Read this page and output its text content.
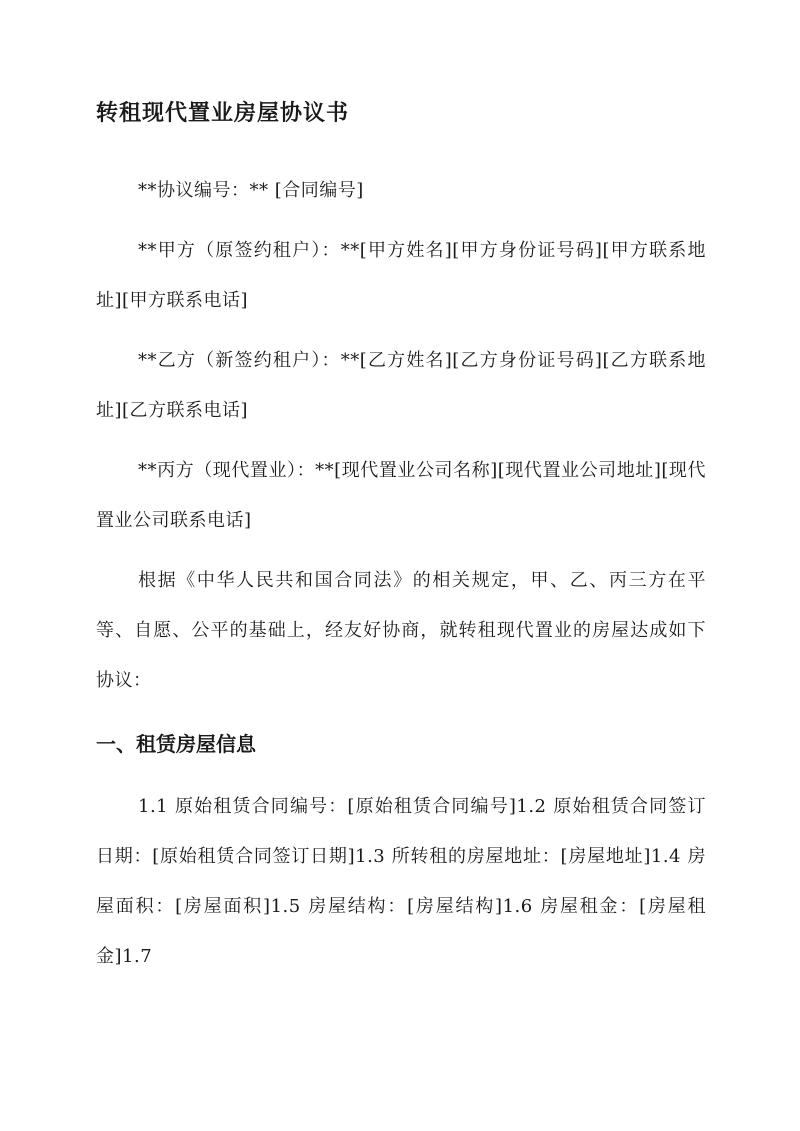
转租现代置业房屋协议书

**协议编号：** [合同编号]

**甲方（原签约租户）：**[甲方姓名][甲方身份证号码][甲方联系地址][甲方联系电话]

**乙方（新签约租户）：**[乙方姓名][乙方身份证号码][乙方联系地址][乙方联系电话]

**丙方（现代置业）：**[现代置业公司名称][现代置业公司地址][现代置业公司联系电话]

根据《中华人民共和国合同法》的相关规定，甲、乙、丙三方在平等、自愿、公平的基础上，经友好协商，就转租现代置业的房屋达成如下协议：

一、租赁房屋信息

1.1 原始租赁合同编号：[原始租赁合同编号]1.2 原始租赁合同签订日期：[原始租赁合同签订日期]1.3 所转租的房屋地址：[房屋地址]1.4 房屋面积：[房屋面积]1.5 房屋结构：[房屋结构]1.6 房屋租金：[房屋租金]1.7
